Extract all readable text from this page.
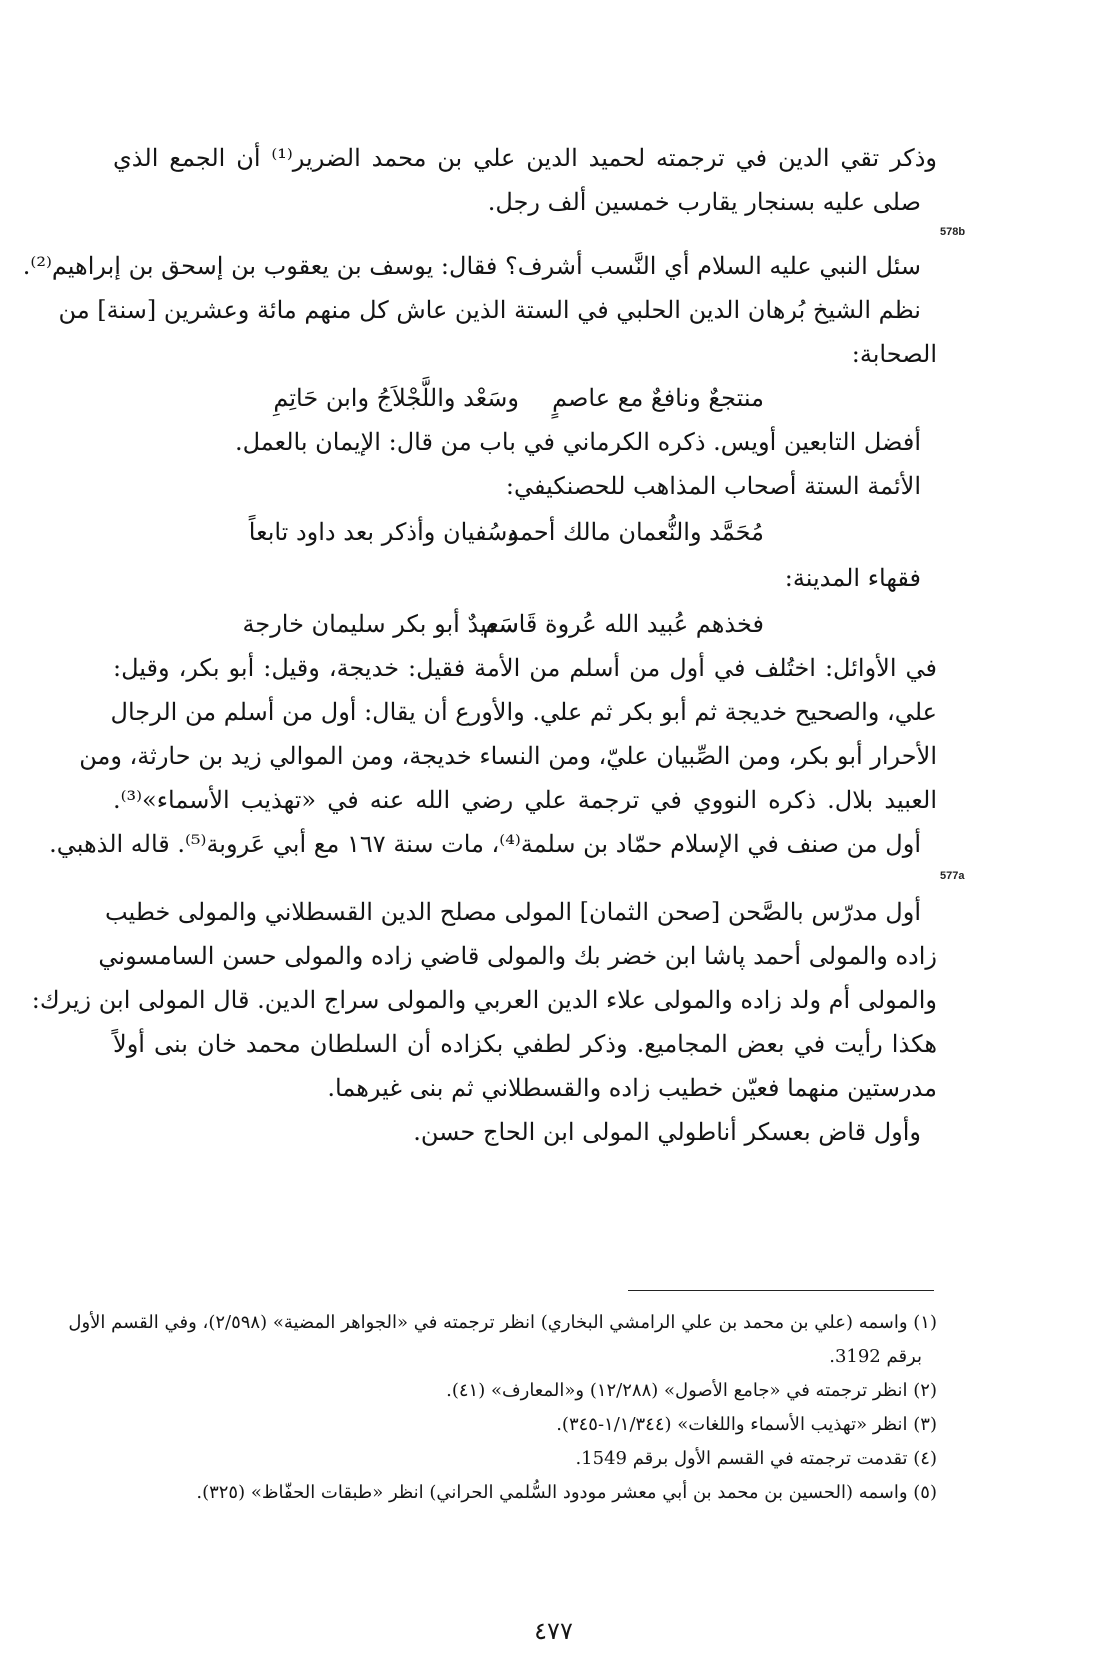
وذكر تقي الدين في ترجمته لحميد الدين علي بن محمد الضرير⁽¹⁾ أن الجمع الذي
صلى عليه بسنجار يقارب خمسين ألف رجل.
578b
سئل النبي عليه السلام أي النَّسب أشرف؟ فقال: يوسف بن يعقوب بن إسحق بن إبراهيم⁽²⁾.
نظم الشيخ بُرهان الدين الحلبي في الستة الذين عاش كل منهم مائة وعشرين [سنة] من
الصحابة:
منتجعٌ ونافعٌ مع عاصمٍ
وسَعْد واللَّجْلاَجُ وابن حَاتِمِ
أفضل التابعين أويس. ذكره الكرماني في باب من قال: الإيمان بالعمل.
الأئمة الستة أصحاب المذاهب للحصنكيفي:
مُحَمَّد والنُّعمان مالك أحمد
وسُفيان وأذكر بعد داود تابعاً
فقهاء المدينة:
فخذهم عُبيد الله عُروة قَاسم
سَعيدٌ أبو بكر سليمان خارجة
في الأوائل: اختُلف في أول من أسلم من الأمة فقيل: خديجة، وقيل: أبو بكر، وقيل:
علي، والصحيح خديجة ثم أبو بكر ثم علي. والأورع أن يقال: أول من أسلم من الرجال
الأحرار أبو بكر، ومن الصِّبيان عليّ، ومن النساء خديجة، ومن الموالي زيد بن حارثة، ومن
العبيد بلال. ذكره النووي في ترجمة علي رضي الله عنه في «تهذيب الأسماء»⁽³⁾.
أول من صنف في الإسلام حمّاد بن سلمة⁽⁴⁾، مات سنة ١٦٧ مع أبي عَروبة⁽⁵⁾. قاله الذهبي.
577a
أول مدرّس بالصَّحن [صحن الثمان] المولى مصلح الدين القسطلاني والمولى خطيب
زاده والمولى أحمد پاشا ابن خضر بك والمولى قاضي زاده والمولى حسن السامسوني
والمولى أم ولد زاده والمولى علاء الدين العربي والمولى سراج الدين. قال المولى ابن زيرك:
هكذا رأيت في بعض المجاميع. وذكر لطفي بكزاده أن السلطان محمد خان بنى أولاً
مدرستين منهما فعيّن خطيب زاده والقسطلاني ثم بنى غيرهما.
وأول قاض بعسكر أناطولي المولى ابن الحاج حسن.
(١) واسمه (علي بن محمد بن علي الرامشي البخاري) انظر ترجمته في «الجواهر المضية» (٢/٥٩٨)، وفي القسم الأول
برقم 3192.
(٢) انظر ترجمته في «جامع الأصول» (١٢/٢٨٨) و«المعارف» (٤١).
(٣) انظر «تهذيب الأسماء واللغات» (١/١/٣٤٤-٣٤٥).
(٤) تقدمت ترجمته في القسم الأول برقم 1549.
(٥) واسمه (الحسين بن محمد بن أبي معشر مودود السُّلمي الحراني) انظر «طبقات الحفّاظ» (٣٢٥).
٤٧٧
